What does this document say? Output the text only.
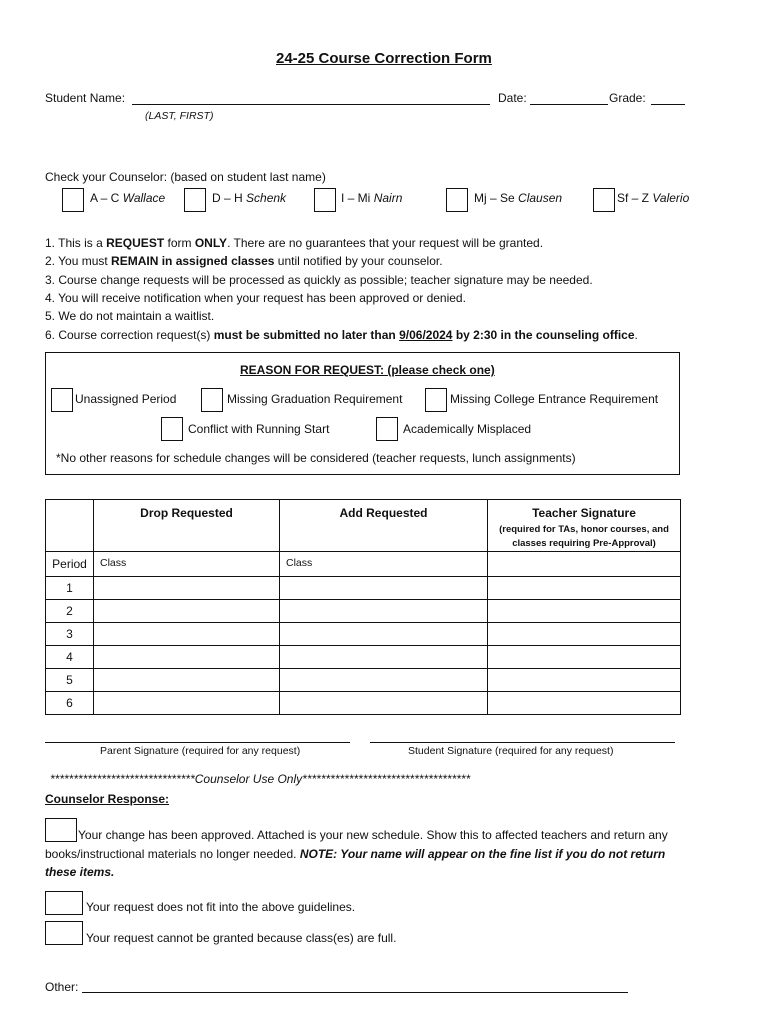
24-25 Course Correction Form
Student Name:
(LAST, FIRST)
Date:	Grade:
Check your Counselor: (based on student last name)
A – C Wallace	D – H Schenk	I – Mi Nairn	Mj – Se Clausen	Sf – Z Valerio
1. This is a REQUEST form ONLY. There are no guarantees that your request will be granted.
2. You must REMAIN in assigned classes until notified by your counselor.
3. Course change requests will be processed as quickly as possible; teacher signature may be needed.
4. You will receive notification when your request has been approved or denied.
5. We do not maintain a waitlist.
6. Course correction request(s) must be submitted no later than 9/06/2024 by 2:30 in the counseling office.
REASON FOR REQUEST: (please check one)
Unassigned Period	Missing Graduation Requirement	Missing College Entrance Requirement
Conflict with Running Start	Academically Misplaced
*No other reasons for schedule changes will be considered (teacher requests, lunch assignments)
	Drop Requested	Add Requested	Teacher Signature
(required for TAs, honor courses, and classes requiring Pre-Approval)

Period	Class	Class	
1			
2			
3			
4			
5			
6			
Parent Signature (required for any request)	Student Signature (required for any request)
*******************************Counselor Use Only************************************
Counselor Response:
Your change has been approved. Attached is your new schedule. Show this to affected teachers and return any
books/instructional materials no longer needed. NOTE: Your name will appear on the fine list if you do not return
these items.
Your request does not fit into the above guidelines.
Your request cannot be granted because class(es) are full.
Other:
